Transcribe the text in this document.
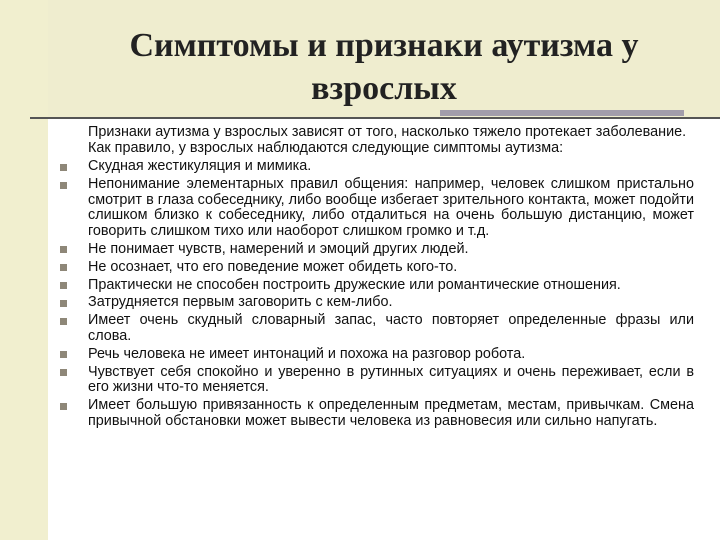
Симптомы и признаки аутизма у
взрослых

Признаки аутизма у взрослых зависят от того, насколько тяжело протекает заболевание. Как правило, у взрослых наблюдаются следующие симптомы аутизма:

Скудная жестикуляция и мимика.
Непонимание элементарных правил общения: например, человек слишком пристально смотрит в глаза собеседнику, либо вообще избегает зрительного контакта, может подойти слишком близко к собеседнику, либо отдалиться на очень большую дистанцию, может говорить слишком тихо или наоборот слишком громко и т.д.
Не понимает чувств, намерений и эмоций других людей.
Не осознает, что его поведение может обидеть кого-то.
Практически не способен построить дружеские или романтические отношения.
Затрудняется первым заговорить с кем-либо.
Имеет очень скудный словарный запас, часто повторяет определенные фразы или слова.
Речь человека не имеет интонаций и похожа на разговор робота.
Чувствует себя спокойно и уверенно в рутинных ситуациях и очень переживает, если в его жизни что-то меняется.
Имеет большую привязанность к определенным предметам, местам, привычкам. Смена привычной обстановки может вывести человека из равновесия или сильно напугать.
